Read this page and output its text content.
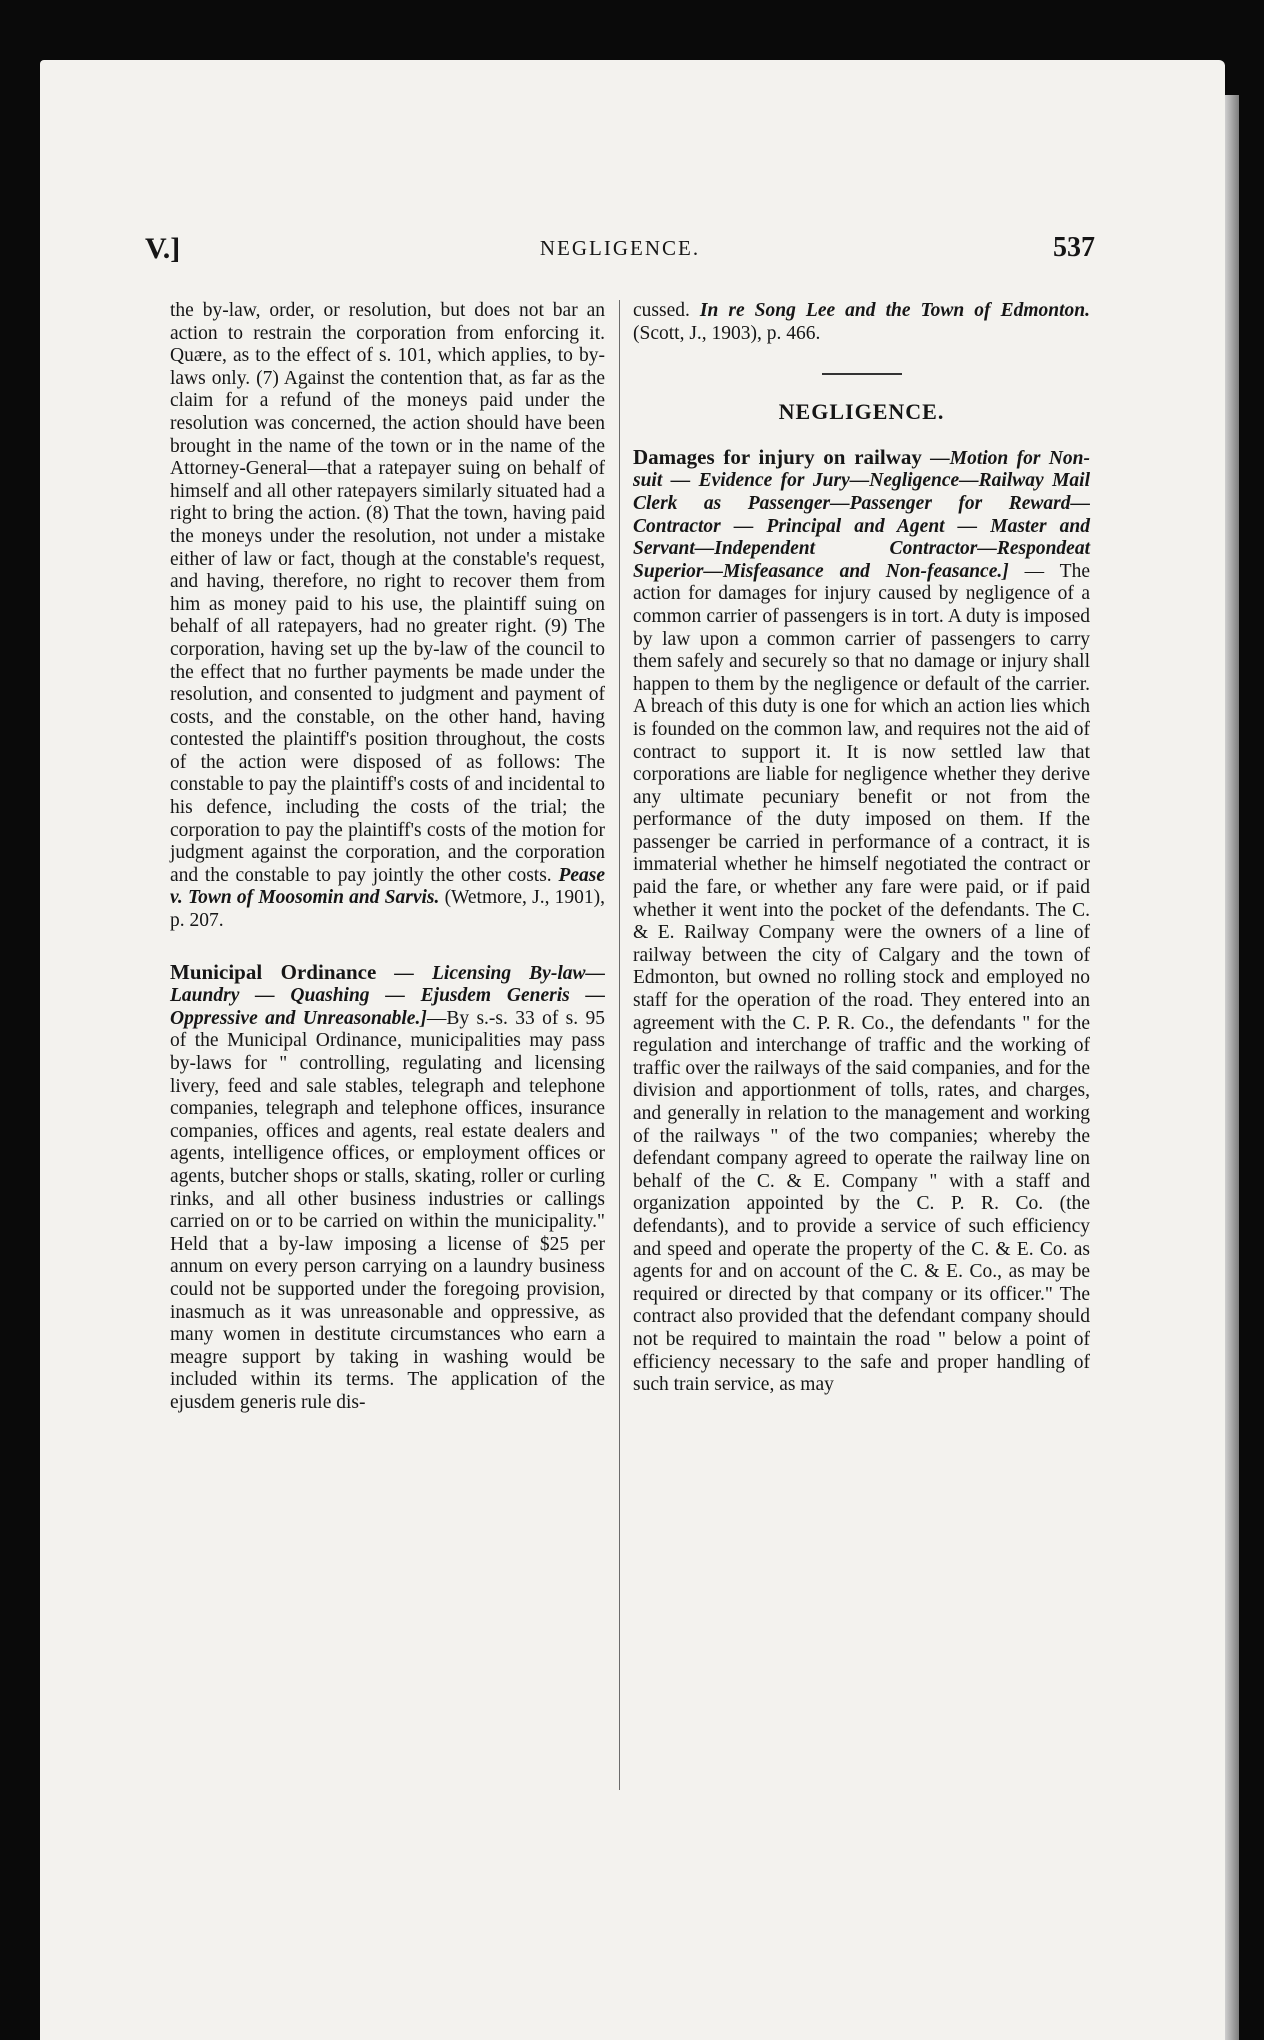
V.]	NEGLIGENCE.	537

the by-law, order, or resolution, but does not bar an action to restrain the corporation from enforcing it. Quære, as to the effect of s. 101, which applies, to by-laws only. (7) Against the contention that, as far as the claim for a refund of the moneys paid under the resolution was concerned, the action should have been brought in the name of the town or in the name of the Attorney-General—that a ratepayer suing on behalf of himself and all other ratepayers similarly situated had a right to bring the action. (8) That the town, having paid the moneys under the resolution, not under a mistake either of law or fact, though at the constable's request, and having, therefore, no right to recover them from him as money paid to his use, the plaintiff suing on behalf of all ratepayers, had no greater right. (9) The corporation, having set up the by-law of the council to the effect that no further payments be made under the resolution, and consented to judgment and payment of costs, and the constable, on the other hand, having contested the plaintiff's position throughout, the costs of the action were disposed of as follows: The constable to pay the plaintiff's costs of and incidental to his defence, including the costs of the trial; the corporation to pay the plaintiff's costs of the motion for judgment against the corporation, and the corporation and the constable to pay jointly the other costs. Pease v. Town of Moosomin and Sarvis. (Wetmore, J., 1901), p. 207.

Municipal Ordinance — Licensing By-law—Laundry — Quashing — Ejusdem Generis — Oppressive and Unreasonable.]—By s.-s. 33 of s. 95 of the Municipal Ordinance, municipalities may pass by-laws for " controlling, regulating and licensing livery, feed and sale stables, telegraph and telephone companies, telegraph and telephone offices, insurance companies, offices and agents, real estate dealers and agents, intelligence offices, or employment offices or agents, butcher shops or stalls, skating, roller or curling rinks, and all other business industries or callings carried on or to be carried on within the municipality." Held that a by-law imposing a license of $25 per annum on every person carrying on a laundry business could not be supported under the foregoing provision, inasmuch as it was unreasonable and oppressive, as many women in destitute circumstances who earn a meagre support by taking in washing would be included within its terms. The application of the ejusdem generis rule dis-

cussed. In re Song Lee and the Town of Edmonton. (Scott, J., 1903), p. 466.

NEGLIGENCE.

Damages for injury on railway —Motion for Non-suit — Evidence for Jury—Negligence—Railway Mail Clerk as Passenger—Passenger for Reward—Contractor — Principal and Agent — Master and Servant—Independent Contractor—Respondeat Superior—Misfeasance and Non-feasance.] — The action for damages for injury caused by negligence of a common carrier of passengers is in tort. A duty is imposed by law upon a common carrier of passengers to carry them safely and securely so that no damage or injury shall happen to them by the negligence or default of the carrier. A breach of this duty is one for which an action lies which is founded on the common law, and requires not the aid of contract to support it. It is now settled law that corporations are liable for negligence whether they derive any ultimate pecuniary benefit or not from the performance of the duty imposed on them. If the passenger be carried in performance of a contract, it is immaterial whether he himself negotiated the contract or paid the fare, or whether any fare were paid, or if paid whether it went into the pocket of the defendants. The C. & E. Railway Company were the owners of a line of railway between the city of Calgary and the town of Edmonton, but owned no rolling stock and employed no staff for the operation of the road. They entered into an agreement with the C. P. R. Co., the defendants " for the regulation and interchange of traffic and the working of traffic over the railways of the said companies, and for the division and apportionment of tolls, rates, and charges, and generally in relation to the management and working of the railways " of the two companies; whereby the defendant company agreed to operate the railway line on behalf of the C. & E. Company " with a staff and organization appointed by the C. P. R. Co. (the defendants), and to provide a service of such efficiency and speed and operate the property of the C. & E. Co. as agents for and on account of the C. & E. Co., as may be required or directed by that company or its officer." The contract also provided that the defendant company should not be required to maintain the road " below a point of efficiency necessary to the safe and proper handling of such train service, as may
